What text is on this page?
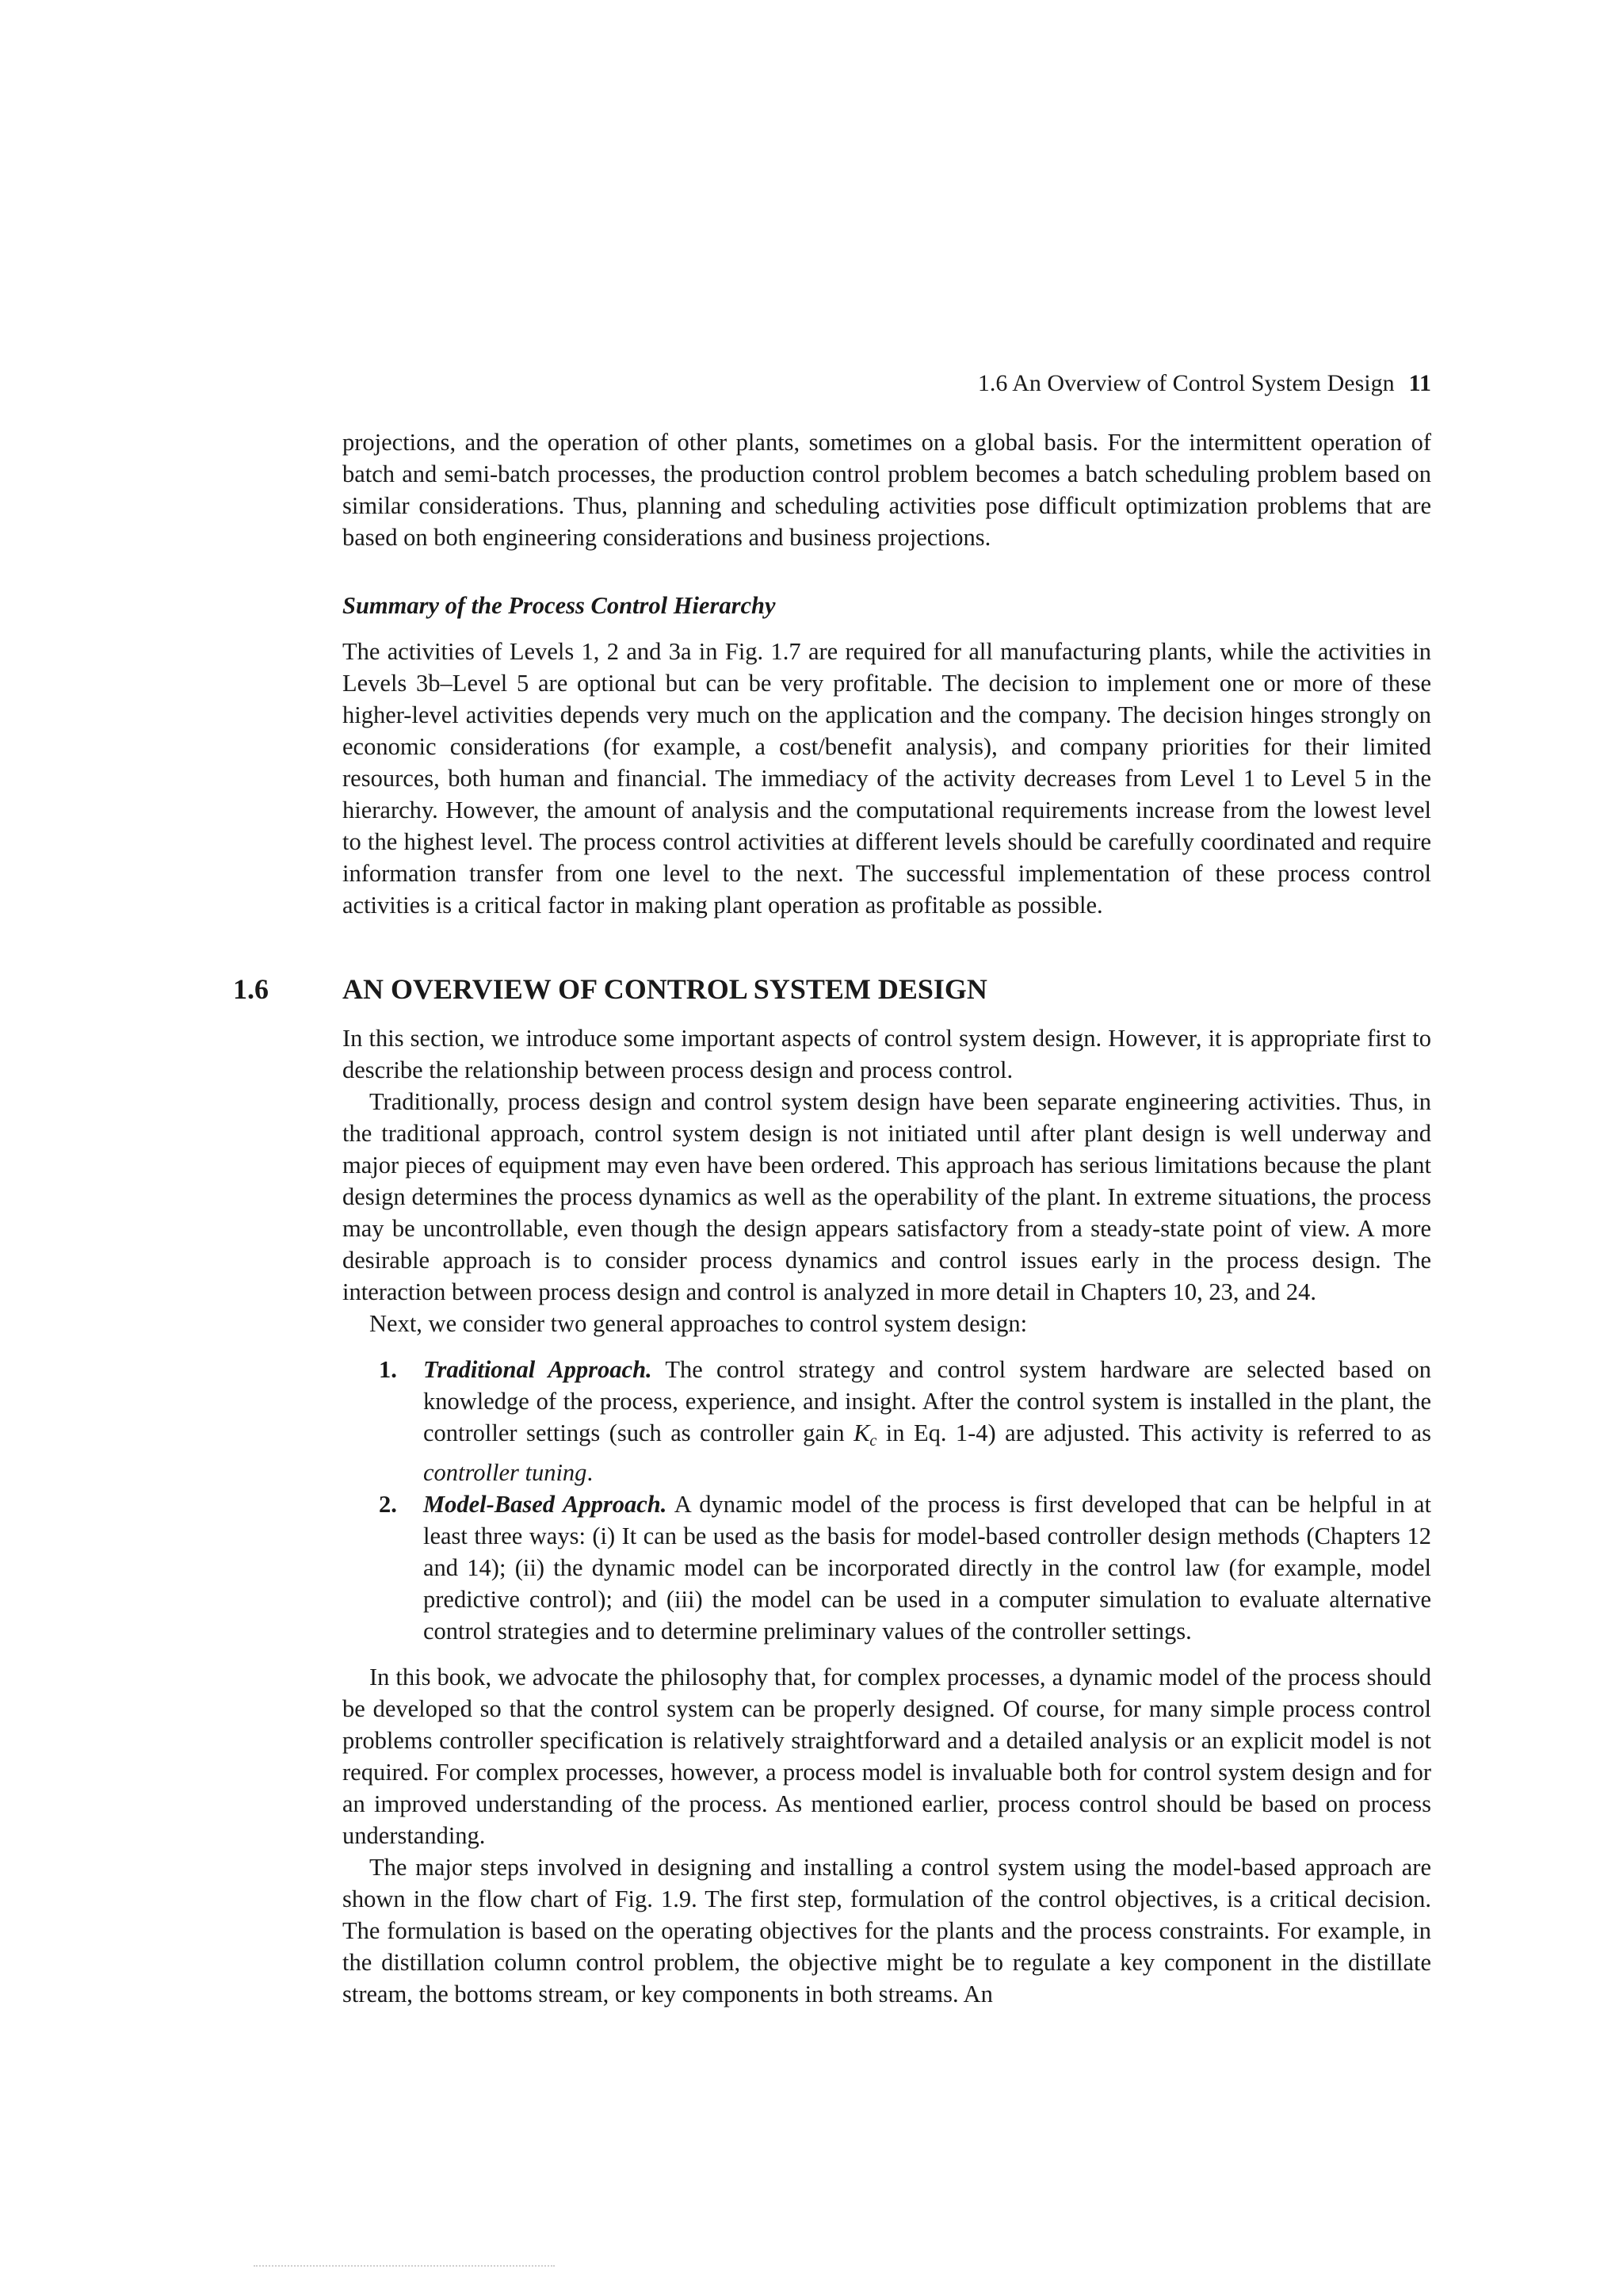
1.6 An Overview of Control System Design 11

projections, and the operation of other plants, sometimes on a global basis. For the intermittent operation of batch and semi-batch processes, the production control problem becomes a batch scheduling problem based on similar considerations. Thus, planning and scheduling activities pose difficult optimization problems that are based on both engineering considerations and business projections.

Summary of the Process Control Hierarchy

The activities of Levels 1, 2 and 3a in Fig. 1.7 are required for all manufacturing plants, while the activities in Levels 3b–Level 5 are optional but can be very profitable. The decision to implement one or more of these higher-level activities depends very much on the application and the company. The decision hinges strongly on economic considerations (for example, a cost/benefit analysis), and company priorities for their limited resources, both human and financial. The immediacy of the activity decreases from Level 1 to Level 5 in the hierarchy. However, the amount of analysis and the computational requirements increase from the lowest level to the highest level. The process control activities at different levels should be carefully coordinated and require information transfer from one level to the next. The successful implementation of these process control activities is a critical factor in making plant operation as profitable as possible.

1.6	AN OVERVIEW OF CONTROL SYSTEM DESIGN

In this section, we introduce some important aspects of control system design. However, it is appropriate first to describe the relationship between process design and process control.

Traditionally, process design and control system design have been separate engineering activities. Thus, in the traditional approach, control system design is not initiated until after plant design is well underway and major pieces of equipment may even have been ordered. This approach has serious limitations because the plant design determines the process dynamics as well as the operability of the plant. In extreme situations, the process may be uncontrollable, even though the design appears satisfactory from a steady-state point of view. A more desirable approach is to consider process dynamics and control issues early in the process design. The interaction between process design and control is analyzed in more detail in Chapters 10, 23, and 24.

Next, we consider two general approaches to control system design:

1. Traditional Approach. The control strategy and control system hardware are selected based on knowledge of the process, experience, and insight. After the control system is installed in the plant, the controller settings (such as controller gain $K_c$ in Eq. 1-4) are adjusted. This activity is referred to as controller tuning.
2. Model-Based Approach. A dynamic model of the process is first developed that can be helpful in at least three ways: (i) It can be used as the basis for model-based controller design methods (Chapters 12 and 14); (ii) the dynamic model can be incorporated directly in the control law (for example, model predictive control); and (iii) the model can be used in a computer simulation to evaluate alternative control strategies and to determine preliminary values of the controller settings.

In this book, we advocate the philosophy that, for complex processes, a dynamic model of the process should be developed so that the control system can be properly designed. Of course, for many simple process control problems controller specification is relatively straightforward and a detailed analysis or an explicit model is not required. For complex processes, however, a process model is invaluable both for control system design and for an improved understanding of the process. As mentioned earlier, process control should be based on process understanding.

The major steps involved in designing and installing a control system using the model-based approach are shown in the flow chart of Fig. 1.9. The first step, formulation of the control objectives, is a critical decision. The formulation is based on the operating objectives for the plants and the process constraints. For example, in the distillation column control problem, the objective might be to regulate a key component in the distillate stream, the bottoms stream, or key components in both streams. An
